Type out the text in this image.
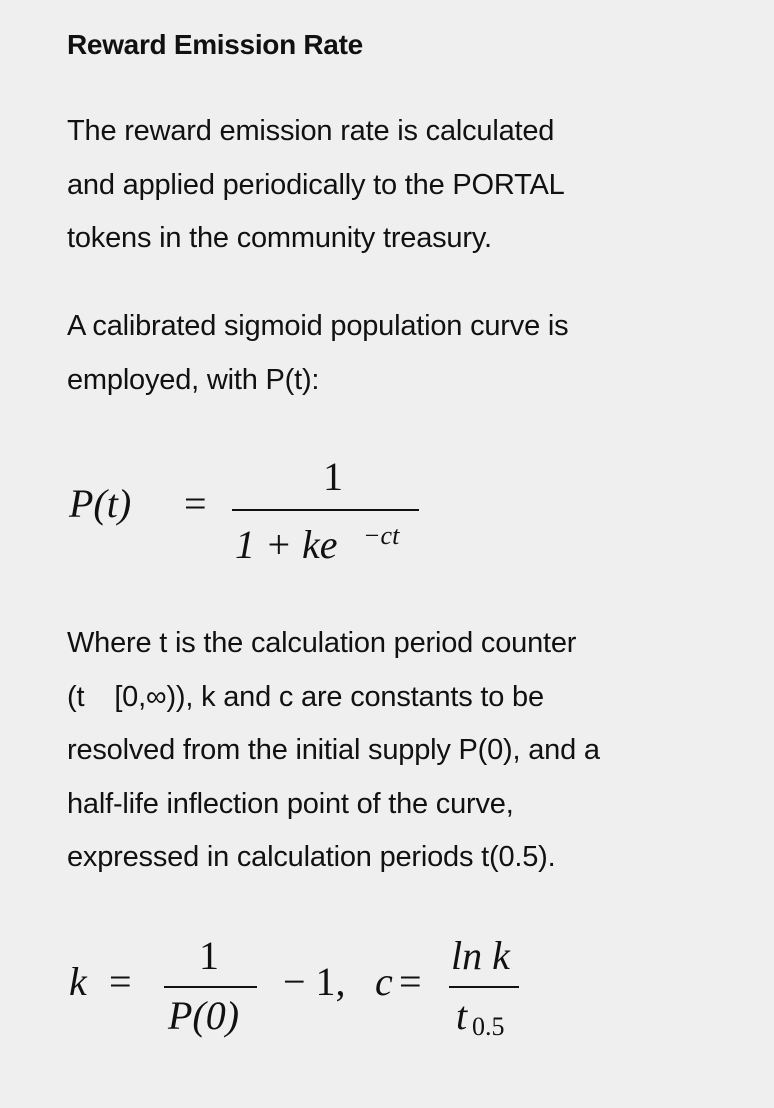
Reward Emission Rate

The reward emission rate is calculated
and applied periodically to the PORTAL
tokens in the community treasury.

A calibrated sigmoid population curve is
employed, with P(t):

P(t) =
1
1 + ke −ct

Where t is the calculation period counter
(t [0,∞)), k and c are constants to be
resolved from the initial supply P(0), and a
half-life inflection point of the curve,
expressed in calculation periods t(0.5).

k =
1
P(0)
− 1, c =
ln k
t 0.5
